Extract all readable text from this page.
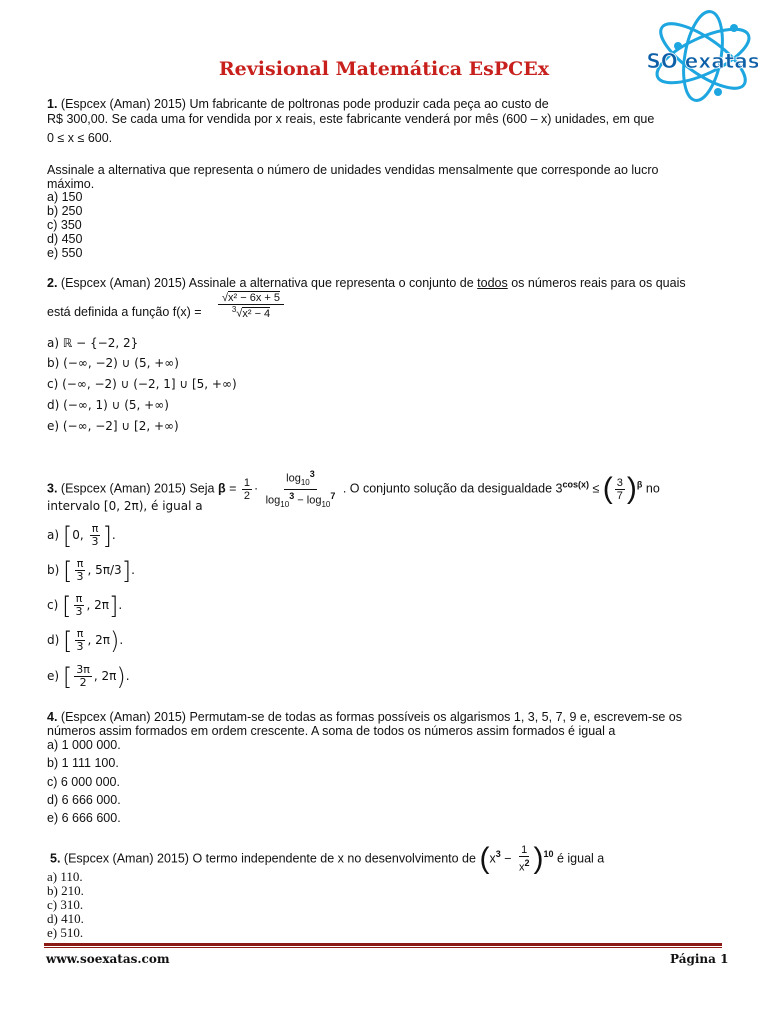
Revisional Matemática EsPCEx	SO exatas
1. (Espcex (Aman) 2015) Um fabricante de poltronas pode produzir cada peça ao custo de
R$ 300,00. Se cada uma for vendida por x reais, este fabricante venderá por mês (600 – x) unidades, em que
0 ≤ x ≤ 600.
Assinale a alternativa que representa o número de unidades vendidas mensalmente que corresponde ao lucro
máximo.
a) 150
b) 250
c) 350
d) 450
e) 550
2. (Espcex (Aman) 2015) Assinale a alternativa que representa o conjunto de todos os números reais para os quais
está definida a função f(x) =
√x² − 6x + 5
$^3$√x² − 4
a) ℝ − {−2, 2}
b) (−∞, −2) ∪ (5, +∞)
c) (−∞, −2) ∪ (−2, 1] ∪ [5, +∞)
d) (−∞, 1) ∪ (5, +∞)
e) (−∞, −2] ∪ [2, +∞)
3. (Espcex (Aman) 2015) Seja $\beta = \frac{1}{2} \cdot \frac{\log_{10}^3}{\log_{10}^3 - \log_{10}^7}$ . O conjunto solução da desigualdade $3^{cos(x)}$ ≤ ( $\frac{3}{7} )^\beta$ no
intervalo [0, 2π), é igual a
a) [0, $\frac{\pi}{3}$ ].
b) [ $\frac{\pi}{3}$ , 5π/3].
c) [ $\frac{\pi}{3}$ , 2π].
d) [ $\frac{\pi}{3}$ , 2π).
e) [ $\frac{3\pi}{2}$ , 2π).
4. (Espcex (Aman) 2015) Permutam-se de todas as formas possíveis os algarismos 1, 3, 5, 7, 9 e, escrevem-se os
números assim formados em ordem crescente. A soma de todos os números assim formados é igual a
a) 1 000 000.
b) 1 111 100.
c) 6 000 000.
d) 6 666 000.
e) 6 666 600.
5. (Espcex (Aman) 2015) O termo independente de x no desenvolvimento de $(x^3 - \frac{1}{x^2} )^{10}$ é igual a
a) 110.
b) 210.
c) 310.
d) 410.
e) 510.
www.soexatas.com	Página 1
